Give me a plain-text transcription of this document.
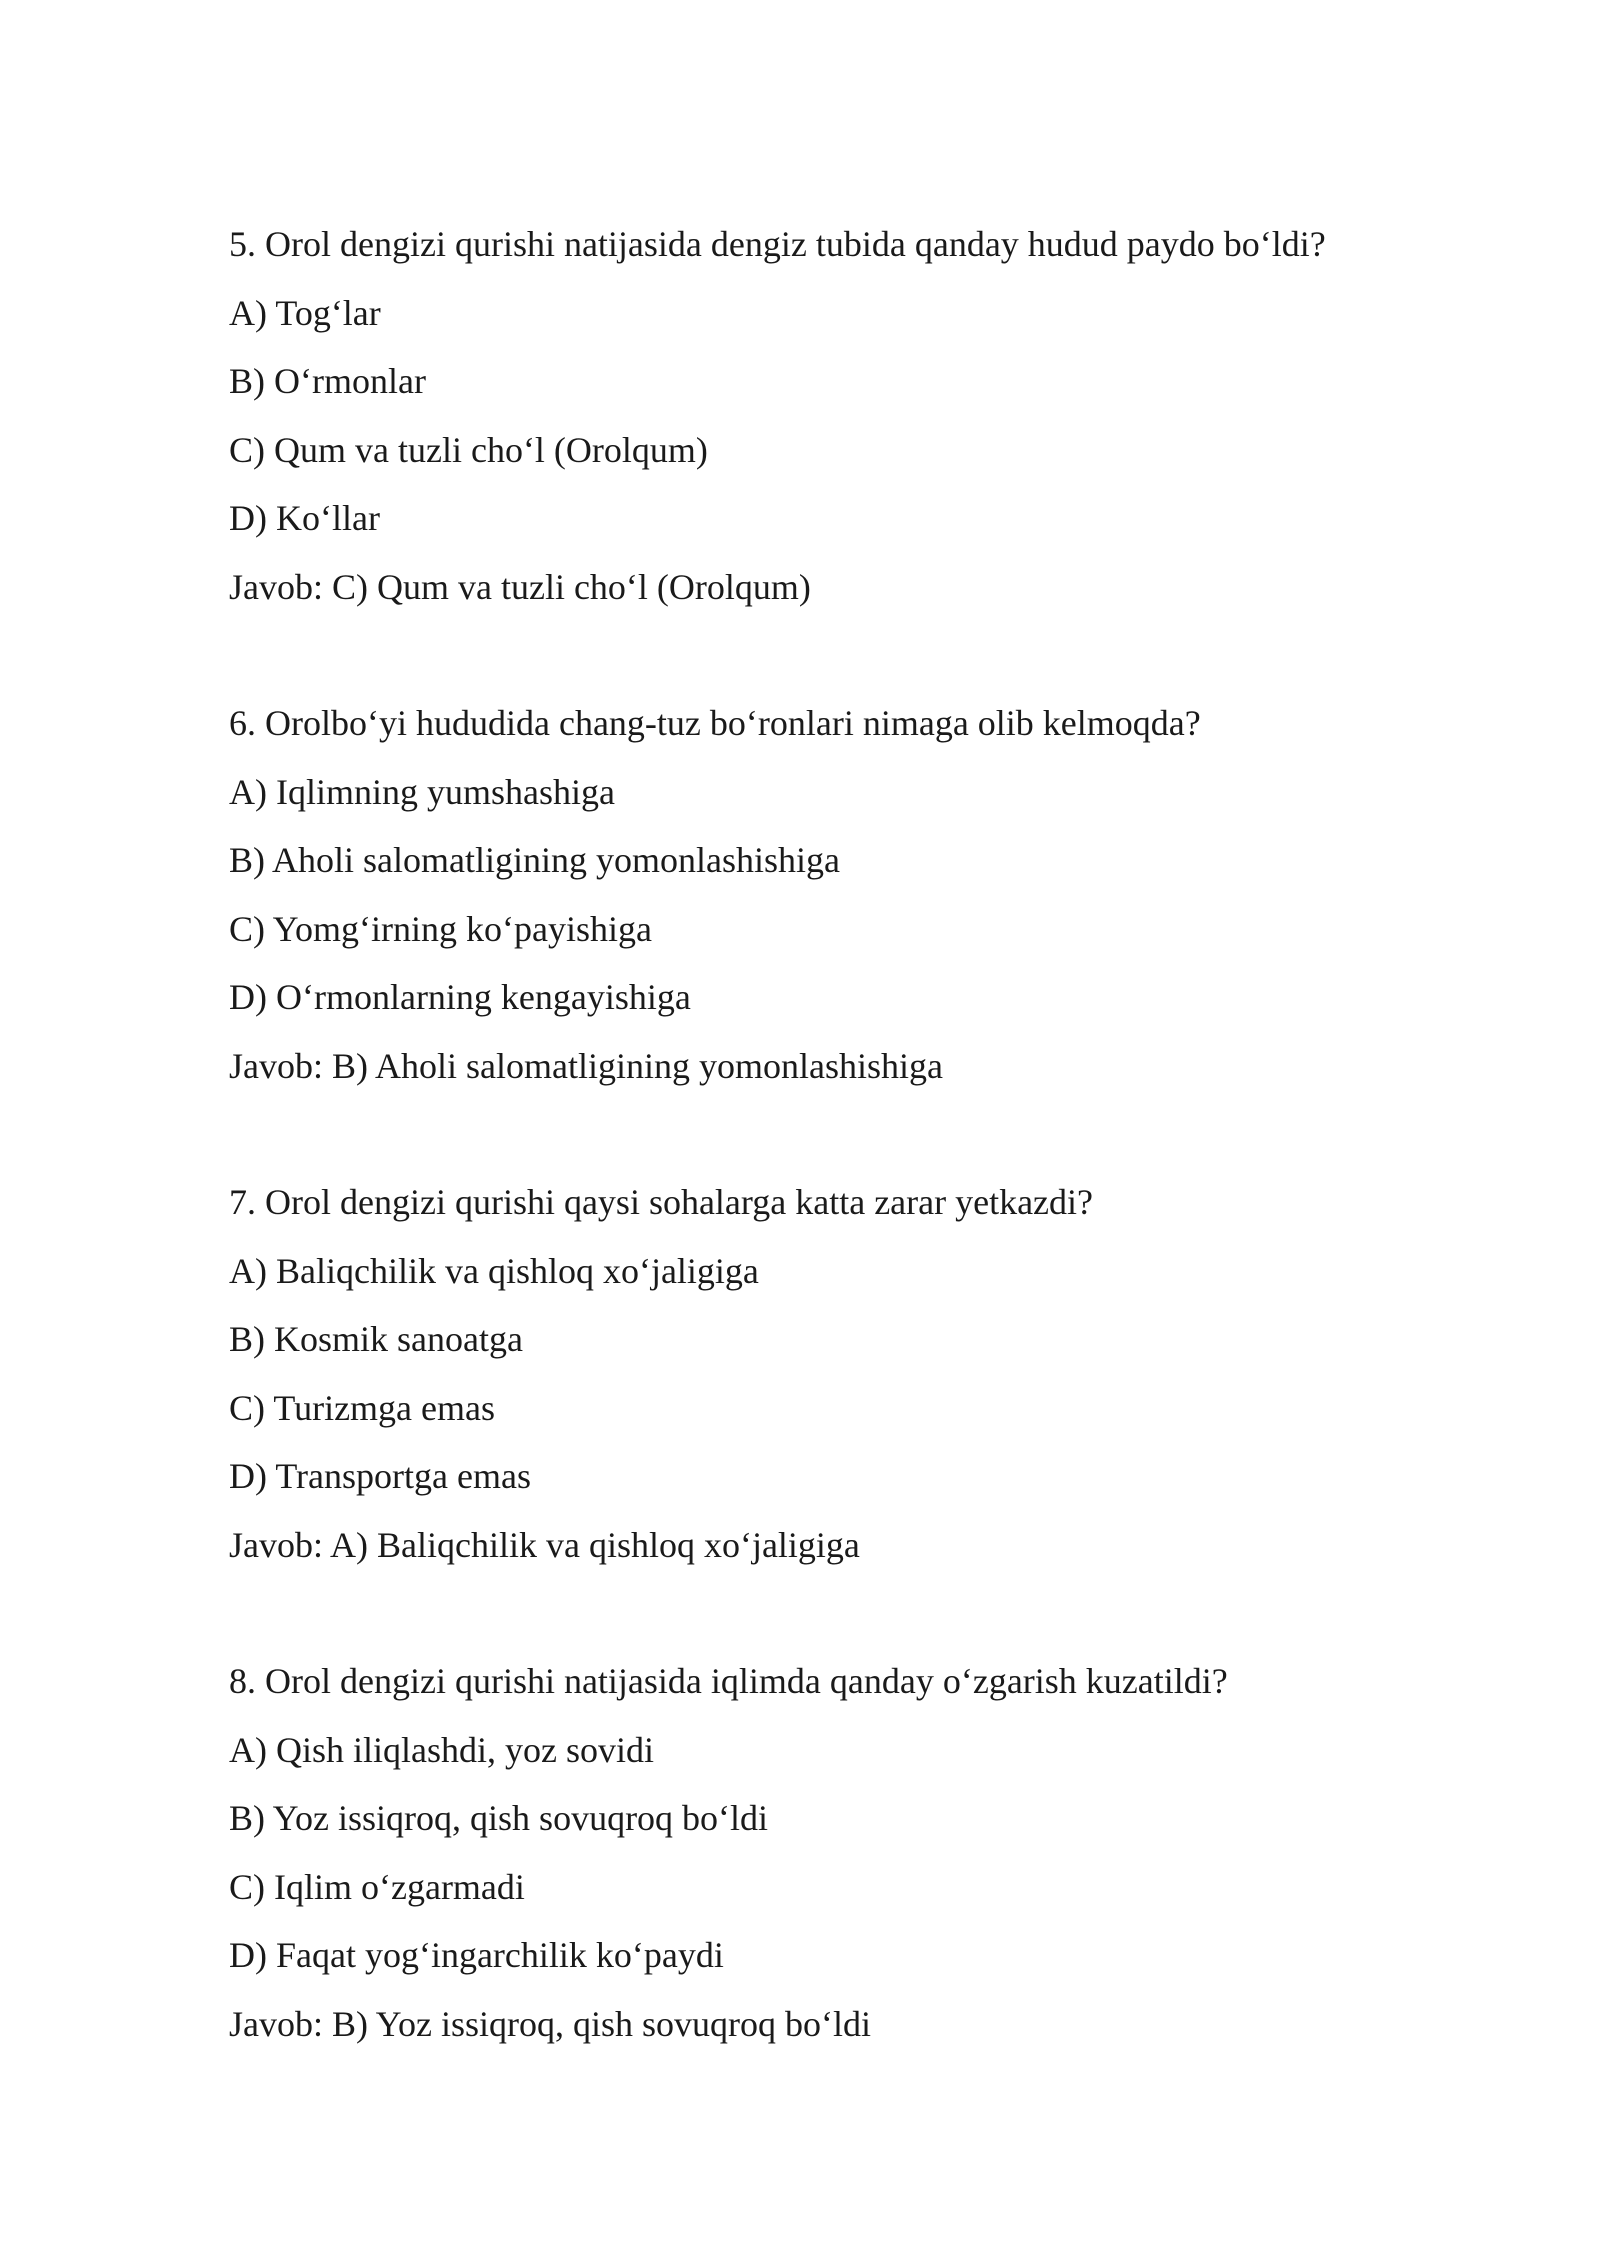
5. Orol dengizi qurishi natijasida dengiz tubida qanday hudud paydo bo‘ldi?
A) Tog‘lar
B) O‘rmonlar
C) Qum va tuzli cho‘l (Orolqum)
D) Ko‘llar
Javob: C) Qum va tuzli cho‘l (Orolqum)
6. Orolbo‘yi hududida chang-tuz bo‘ronlari nimaga olib kelmoqda?
A) Iqlimning yumshashiga
B) Aholi salomatligining yomonlashishiga
C) Yomg‘irning ko‘payishiga
D) O‘rmonlarning kengayishiga
Javob: B) Aholi salomatligining yomonlashishiga
7. Orol dengizi qurishi qaysi sohalarga katta zarar yetkazdi?
A) Baliqchilik va qishloq xo‘jaligiga
B) Kosmik sanoatga
C) Turizmga emas
D) Transportga emas
Javob: A) Baliqchilik va qishloq xo‘jaligiga
8. Orol dengizi qurishi natijasida iqlimda qanday o‘zgarish kuzatildi?
A) Qish iliqlashdi, yoz sovidi
B) Yoz issiqroq, qish sovuqroq bo‘ldi
C) Iqlim o‘zgarmadi
D) Faqat yog‘ingarchilik ko‘paydi
Javob: B) Yoz issiqroq, qish sovuqroq bo‘ldi
